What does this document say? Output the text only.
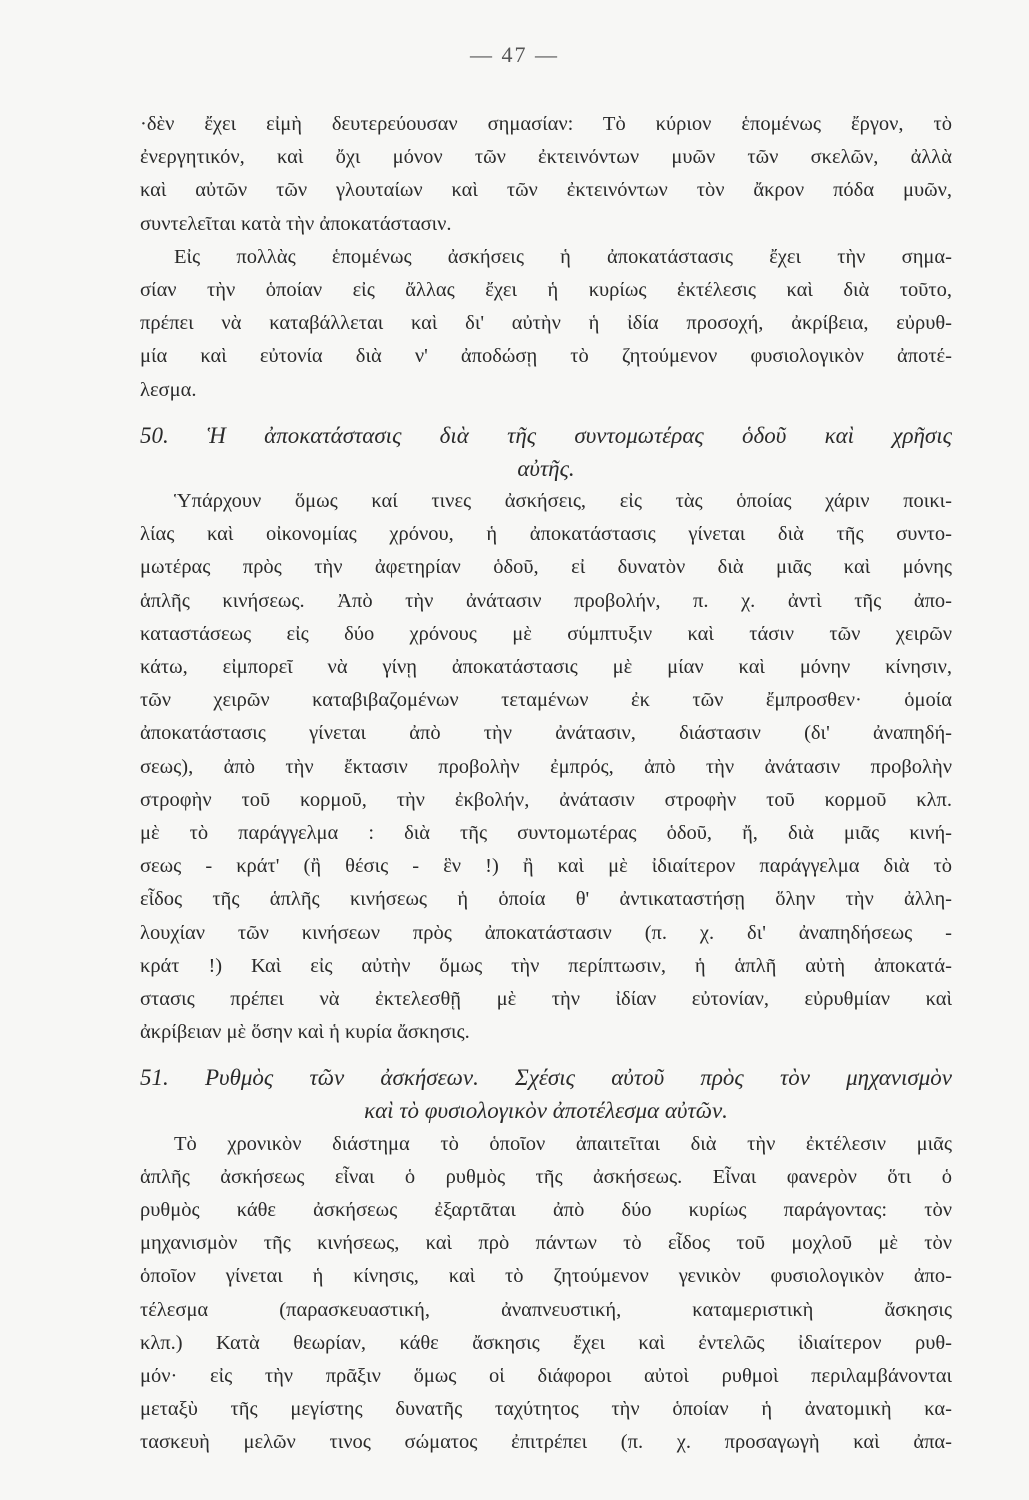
— 47 —
·δὲν ἔχει εἰμὴ δευτερεύουσαν σημασίαν: Τὸ κύριον ἑπομένως ἔργον, τὸ
ἐνεργητικόν, καὶ ὄχι μόνον τῶν ἐκτεινόντων μυῶν τῶν σκελῶν, ἀλλὰ
καὶ αὐτῶν τῶν γλουταίων καὶ τῶν ἐκτεινόντων τὸν ἄκρον πόδα μυῶν,
συντελεῖται κατὰ τὴν ἀποκατάστασιν.
Εἰς πολλὰς ἑπομένως ἀσκήσεις ἡ ἀποκατάστασις ἔχει τὴν σημα-
σίαν τὴν ὁποίαν εἰς ἄλλας ἔχει ἡ κυρίως ἐκτέλεσις καὶ διὰ τοῦτο,
πρέπει νὰ καταβάλλεται καὶ δι' αὐτὴν ἡ ἰδία προσοχή, ἀκρίβεια, εὐρυθ-
μία καὶ εὐτονία διὰ ν' ἀποδώσῃ τὸ ζητούμενον φυσιολογικὸν ἀποτέ-
λεσμα.
50. Ἡ ἀποκατάστασις διὰ τῆς συντομωτέρας ὁδοῦ καὶ χρῆσις
αὐτῆς.
Ὑπάρχουν ὅμως καί τινες ἀσκήσεις, εἰς τὰς ὁποίας χάριν ποικι-
λίας καὶ οἰκονομίας χρόνου, ἡ ἀποκατάστασις γίνεται διὰ τῆς συντο-
μωτέρας πρὸς τὴν ἀφετηρίαν ὁδοῦ, εἰ δυνατὸν διὰ μιᾶς καὶ μόνης
ἁπλῆς κινήσεως. Ἀπὸ τὴν ἀνάτασιν προβολήν, π. χ. ἀντὶ τῆς ἀπο-
καταστάσεως εἰς δύο χρόνους μὲ σύμπτυξιν καὶ τάσιν τῶν χειρῶν
κάτω, εἰμπορεῖ νὰ γίνῃ ἀποκατάστασις μὲ μίαν καὶ μόνην κίνησιν,
τῶν χειρῶν καταβιβαζομένων τεταμένων ἐκ τῶν ἔμπροσθεν· ὁμοία
ἀποκατάστασις γίνεται ἀπὸ τὴν ἀνάτασιν, διάστασιν (δι' ἀναπηδή-
σεως), ἀπὸ τὴν ἔκτασιν προβολὴν ἐμπρός, ἀπὸ τὴν ἀνάτασιν προβολὴν
στροφὴν τοῦ κορμοῦ, τὴν ἐκβολήν, ἀνάτασιν στροφὴν τοῦ κορμοῦ κλπ.
μὲ τὸ παράγγελμα : διὰ τῆς συντομωτέρας ὁδοῦ, ἤ, διὰ μιᾶς κινή-
σεως - κράτ' (ἢ θέσις - ἓν !) ἢ καὶ μὲ ἰδιαίτερον παράγγελμα διὰ τὸ
εἶδος τῆς ἁπλῆς κινήσεως ἡ ὁποία θ' ἀντικαταστήσῃ ὅλην τὴν ἀλλη-
λουχίαν τῶν κινήσεων πρὸς ἀποκατάστασιν (π. χ. δι' ἀναπηδήσεως -
κράτ !) Καὶ εἰς αὐτὴν ὅμως τὴν περίπτωσιν, ἡ ἁπλῆ αὐτὴ ἀποκατά-
στασις πρέπει νὰ ἐκτελεσθῇ μὲ τὴν ἰδίαν εὐτονίαν, εὐρυθμίαν καὶ
ἀκρίβειαν μὲ ὅσην καὶ ἡ κυρία ἄσκησις.
51. Ρυθμὸς τῶν ἀσκήσεων. Σχέσις αὐτοῦ πρὸς τὸν μηχανισμὸν
καὶ τὸ φυσιολογικὸν ἀποτέλεσμα αὐτῶν.
Τὸ χρονικὸν διάστημα τὸ ὁποῖον ἀπαιτεῖται διὰ τὴν ἐκτέλεσιν μιᾶς
ἁπλῆς ἀσκήσεως εἶναι ὁ ρυθμὸς τῆς ἀσκήσεως. Εἶναι φανερὸν ὅτι ὁ
ρυθμὸς κάθε ἀσκήσεως ἐξαρτᾶται ἀπὸ δύο κυρίως παράγοντας: τὸν
μηχανισμὸν τῆς κινήσεως, καὶ πρὸ πάντων τὸ εἶδος τοῦ μοχλοῦ μὲ τὸν
ὁποῖον γίνεται ἡ κίνησις, καὶ τὸ ζητούμενον γενικὸν φυσιολογικὸν ἀπο-
τέλεσμα (παρασκευαστική, ἀναπνευστική, καταμεριστικὴ ἄσκησις
κλπ.) Κατὰ θεωρίαν, κάθε ἄσκησις ἔχει καὶ ἐντελῶς ἰδιαίτερον ρυθ-
μόν· εἰς τὴν πρᾶξιν ὅμως οἱ διάφοροι αὐτοὶ ρυθμοὶ περιλαμβάνονται
μεταξὺ τῆς μεγίστης δυνατῆς ταχύτητος τὴν ὁποίαν ἡ ἀνατομικὴ κα-
τασκευὴ μελῶν τινος σώματος ἐπιτρέπει (π. χ. προσαγωγὴ καὶ ἀπα-
